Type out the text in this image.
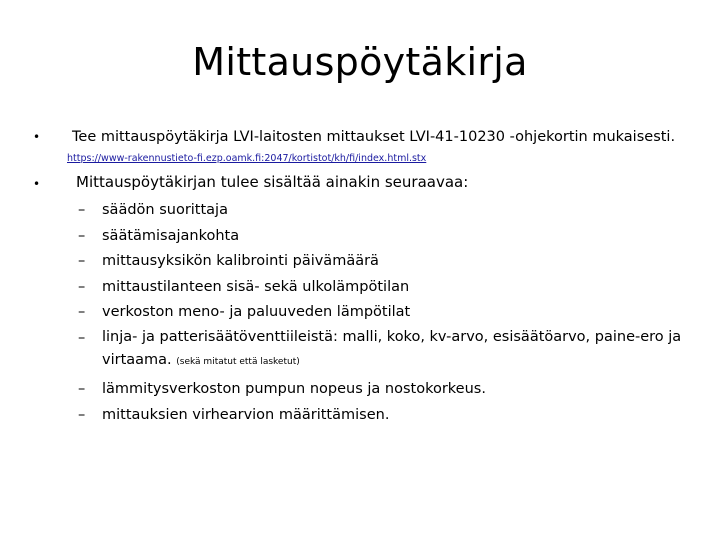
Mittauspöytäkirja
• Tee mittauspöytäkirja LVI-laitosten mittaukset LVI-41-10230 -ohjekortin mukaisesti.
https://www-rakennustieto-fi.ezp.oamk.fi:2047/kortistot/kh/fi/index.html.stx
• Mittauspöytäkirjan tulee sisältää ainakin seuraavaa:
– säädön suorittaja
– säätämisajankohta
– mittausyksikön kalibrointi päivämäärä
– mittaustilanteen sisä- sekä ulkolämpötilan
– verkoston meno- ja paluuveden lämpötilat
– linja- ja patterisäätöventtiileistä: malli, koko, kv-arvo, esisäätöarvo, paine-ero ja virtaama. (sekä mitatut että lasketut)
– lämmitysverkoston pumpun nopeus ja nostokorkeus.
– mittauksien virhearvion määrittämisen.
